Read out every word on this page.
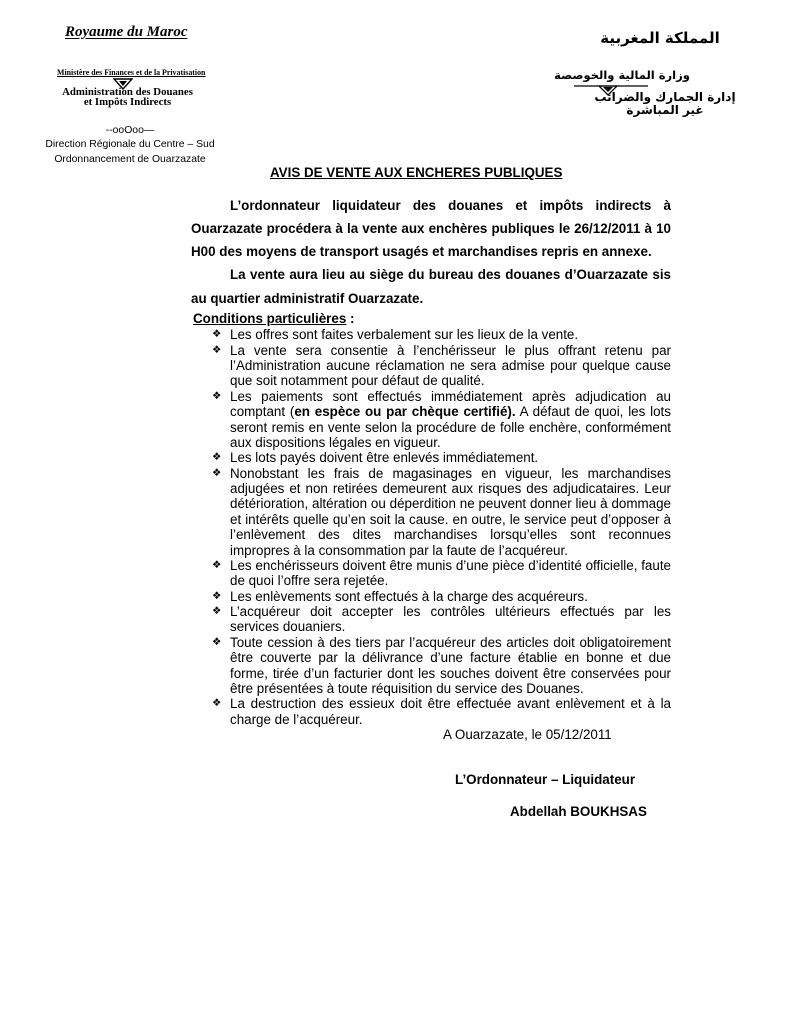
Royaume du Maroc
Ministère des Finances et de la Privatisation
Administration des Douanes
et Impôts Indirects
--ooOoo—
Direction Régionale du Centre – Sud
Ordonnancement de Ouarzazate
المملكة المغربية
وزارة المالية والخوصصة
إدارة الجمارك والضرائب
غير المباشرة
AVIS DE VENTE AUX ENCHERES PUBLIQUES
L’ordonnateur liquidateur des douanes et impôts indirects à
Ouarzazate procédera à la vente aux enchères publiques le 26/12/2011 à 10
H00 des moyens de transport usagés et marchandises repris en annexe.
La vente aura lieu au siège du bureau des douanes d’Ouarzazate sis
au quartier administratif Ouarzazate.
Conditions particulières :
❖
Les offres sont faites verbalement sur les lieux de la vente.
❖
La vente sera consentie à l’enchérisseur le plus offrant retenu par
l’Administration aucune réclamation ne sera admise pour quelque cause
que soit notamment pour défaut de qualité.
❖
Les paiements sont effectués immédiatement après adjudication au
comptant (en espèce ou par chèque certifié). A défaut de quoi, les lots
seront remis en vente selon la procédure de folle enchère, conformément
aux dispositions légales en vigueur.
❖
Les lots payés doivent être enlevés immédiatement.
❖
Nonobstant les frais de magasinages en vigueur, les marchandises
adjugées et non retirées demeurent aux risques des adjudicataires. Leur
détérioration, altération ou déperdition ne peuvent donner lieu à dommage
et intérêts quelle qu’en soit la cause. en outre, le service peut d’opposer à
l’enlèvement des dites marchandises lorsqu’elles sont reconnues
impropres à la consommation par la faute de l’acquéreur.
❖
Les enchérisseurs doivent être munis d’une pièce d’identité officielle, faute
de quoi l’offre sera rejetée.
❖
Les enlèvements sont effectués à la charge des acquéreurs.
❖
L’acquéreur doit accepter les contrôles ultérieurs effectués par les
services douaniers.
❖
Toute cession à des tiers par l’acquéreur des articles doit obligatoirement
être couverte par la délivrance d’une facture établie en bonne et due
forme, tirée d’un facturier dont les souches doivent être conservées pour
être présentées à toute réquisition du service des Douanes.
❖
La destruction des essieux doit être effectuée avant enlèvement et à la
charge de l’acquéreur.
A Ouarzazate, le 05/12/2011
L’Ordonnateur – Liquidateur
Abdellah BOUKHSAS
